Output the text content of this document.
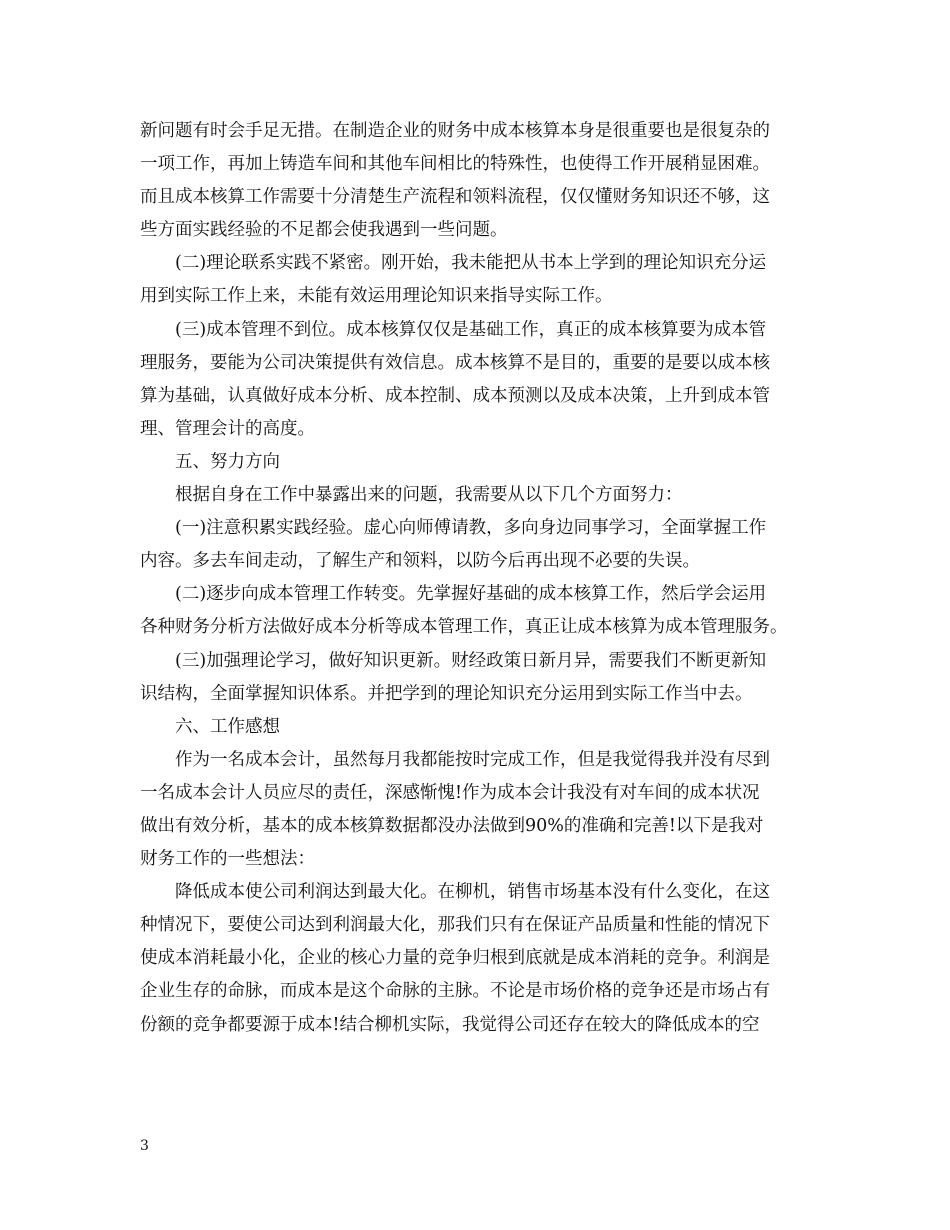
新问题有时会手足无措。在制造企业的财务中成本核算本身是很重要也是很复杂的
一项工作，再加上铸造车间和其他车间相比的特殊性，也使得工作开展稍显困难。
而且成本核算工作需要十分清楚生产流程和领料流程，仅仅懂财务知识还不够，这
些方面实践经验的不足都会使我遇到一些问题。
(二)理论联系实践不紧密。刚开始，我未能把从书本上学到的理论知识充分运
用到实际工作上来，未能有效运用理论知识来指导实际工作。
(三)成本管理不到位。成本核算仅仅是基础工作，真正的成本核算要为成本管
理服务，要能为公司决策提供有效信息。成本核算不是目的，重要的是要以成本核
算为基础，认真做好成本分析、成本控制、成本预测以及成本决策，上升到成本管
理、管理会计的高度。
五、努力方向
根据自身在工作中暴露出来的问题，我需要从以下几个方面努力：
(一)注意积累实践经验。虚心向师傅请教，多向身边同事学习，全面掌握工作
内容。多去车间走动，了解生产和领料，以防今后再出现不必要的失误。
(二)逐步向成本管理工作转变。先掌握好基础的成本核算工作，然后学会运用
各种财务分析方法做好成本分析等成本管理工作，真正让成本核算为成本管理服务。
(三)加强理论学习，做好知识更新。财经政策日新月异，需要我们不断更新知
识结构，全面掌握知识体系。并把学到的理论知识充分运用到实际工作当中去。
六、工作感想
作为一名成本会计，虽然每月我都能按时完成工作，但是我觉得我并没有尽到
一名成本会计人员应尽的责任，深感惭愧!作为成本会计我没有对车间的成本状况
做出有效分析，基本的成本核算数据都没办法做到90%的准确和完善!以下是我对
财务工作的一些想法：
降低成本使公司利润达到最大化。在柳机，销售市场基本没有什么变化，在这
种情况下，要使公司达到利润最大化，那我们只有在保证产品质量和性能的情况下
使成本消耗最小化，企业的核心力量的竞争归根到底就是成本消耗的竞争。利润是
企业生存的命脉，而成本是这个命脉的主脉。不论是市场价格的竞争还是市场占有
份额的竞争都要源于成本!结合柳机实际，我觉得公司还存在较大的降低成本的空
3
